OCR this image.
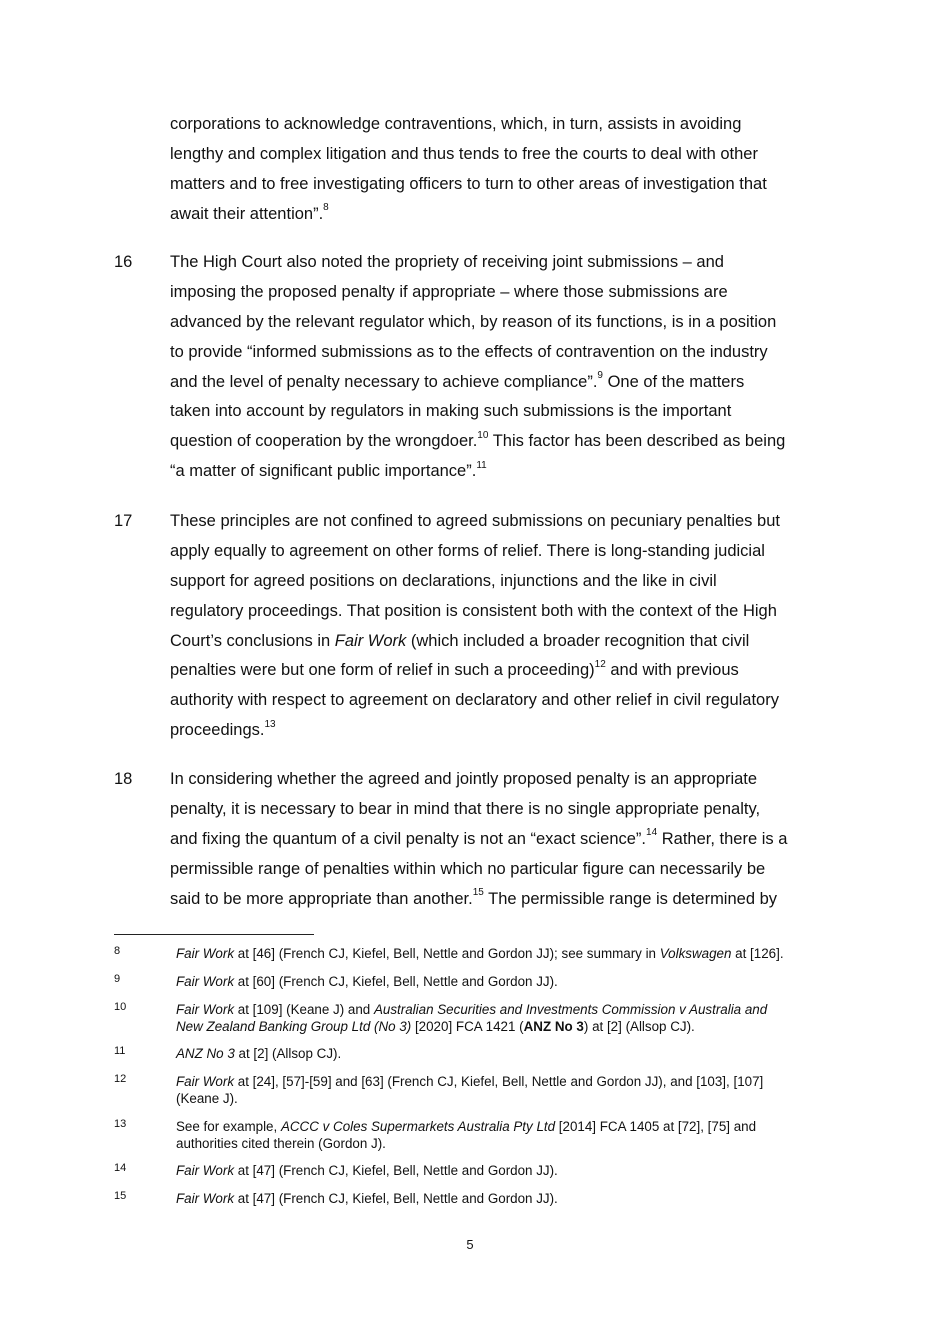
corporations to acknowledge contraventions, which, in turn, assists in avoiding
lengthy and complex litigation and thus tends to free the courts to deal with other
matters and to free investigating officers to turn to other areas of investigation that
await their attention”.$^8$
16 The High Court also noted the propriety of receiving joint submissions – and
imposing the proposed penalty if appropriate – where those submissions are
advanced by the relevant regulator which, by reason of its functions, is in a position
to provide “informed submissions as to the effects of contravention on the industry
and the level of penalty necessary to achieve compliance”.$^9$ One of the matters
taken into account by regulators in making such submissions is the important
question of cooperation by the wrongdoer.$^{10}$ This factor has been described as being
“a matter of significant public importance”.$^{11}$
17 These principles are not confined to agreed submissions on pecuniary penalties but
apply equally to agreement on other forms of relief. There is long-standing judicial
support for agreed positions on declarations, injunctions and the like in civil
regulatory proceedings. That position is consistent both with the context of the High
Court’s conclusions in Fair Work (which included a broader recognition that civil
penalties were but one form of relief in such a proceeding)$^{12}$ and with previous
authority with respect to agreement on declaratory and other relief in civil regulatory
proceedings.$^{13}$
18 In considering whether the agreed and jointly proposed penalty is an appropriate
penalty, it is necessary to bear in mind that there is no single appropriate penalty,
and fixing the quantum of a civil penalty is not an “exact science”.$^{14}$ Rather, there is a
permissible range of penalties within which no particular figure can necessarily be
said to be more appropriate than another.$^{15}$ The permissible range is determined by
8	Fair Work at [46] (French CJ, Kiefel, Bell, Nettle and Gordon JJ); see summary in Volkswagen at [126].
9	Fair Work at [60] (French CJ, Kiefel, Bell, Nettle and Gordon JJ).
10	Fair Work at [109] (Keane J) and Australian Securities and Investments Commission v Australia and
New Zealand Banking Group Ltd (No 3) [2020] FCA 1421 (ANZ No 3) at [2] (Allsop CJ).
11	ANZ No 3 at [2] (Allsop CJ).
12	Fair Work at [24], [57]-[59] and [63] (French CJ, Kiefel, Bell, Nettle and Gordon JJ), and [103], [107]
(Keane J).
13	See for example, ACCC v Coles Supermarkets Australia Pty Ltd [2014] FCA 1405 at [72], [75] and
authorities cited therein (Gordon J).
14	Fair Work at [47] (French CJ, Kiefel, Bell, Nettle and Gordon JJ).
15	Fair Work at [47] (French CJ, Kiefel, Bell, Nettle and Gordon JJ).
5
